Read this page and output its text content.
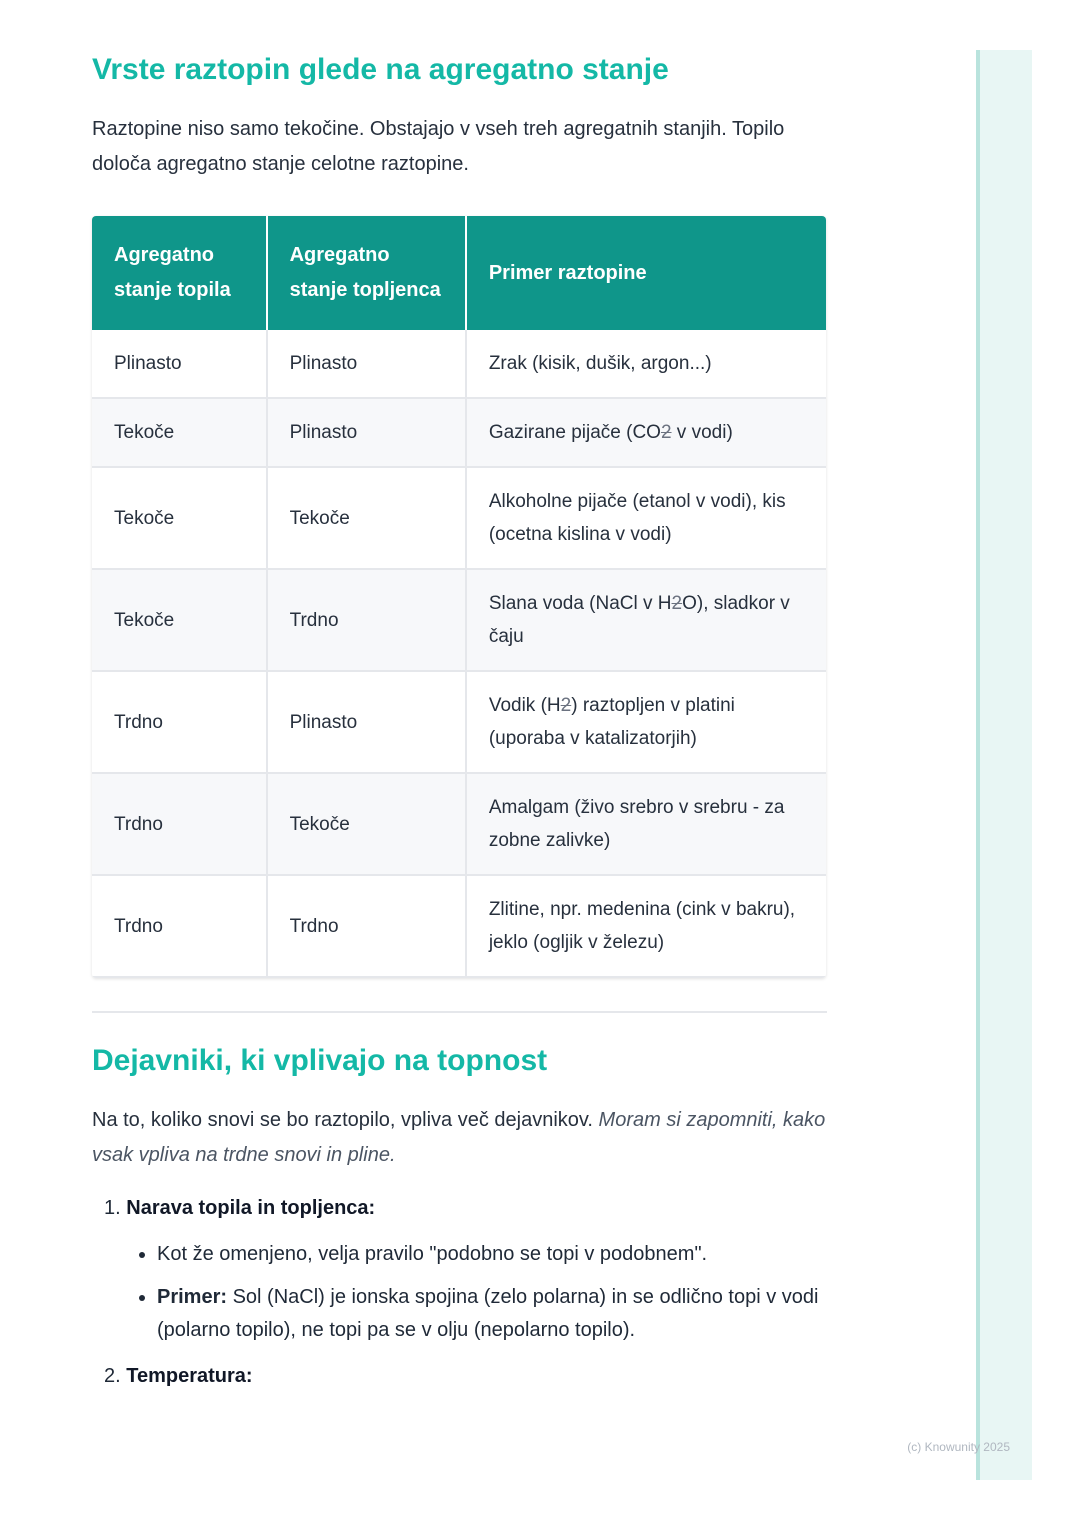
Vrste raztopin glede na agregatno stanje

Raztopine niso samo tekočine. Obstajajo v vseh treh agregatnih stanjih. Topilo določa agregatno stanje celotne raztopine.

Agregatno stanje topila	Agregatno stanje topljenca	Primer raztopine
Plinasto	Plinasto	Zrak (kisik, dušik, argon...)
Tekoče	Plinasto	Gazirane pijače (CO2 v vodi)
Tekoče	Tekoče	Alkoholne pijače (etanol v vodi), kis (ocetna kislina v vodi)
Tekoče	Trdno	Slana voda (NaCl v H2O), sladkor v čaju
Trdno	Plinasto	Vodik (H2) raztopljen v platini (uporaba v katalizatorjih)
Trdno	Tekoče	Amalgam (živo srebro v srebru - za zobne zalivke)
Trdno	Trdno	Zlitine, npr. medenina (cink v bakru), jeklo (ogljik v železu)
Dejavniki, ki vplivajo na topnost

Na to, koliko snovi se bo raztopilo, vpliva več dejavnikov. Moram si zapomniti, kako vsak vpliva na trdne snovi in pline.

1. Narava topila in topljenca:
• Kot že omenjeno, velja pravilo "podobno se topi v podobnem".
• Primer: Sol (NaCl) je ionska spojina (zelo polarna) in se odlično topi v vodi (polarno topilo), ne topi pa se v olju (nepolarno topilo).
2. Temperatura:
(c) Knowunity 2025
